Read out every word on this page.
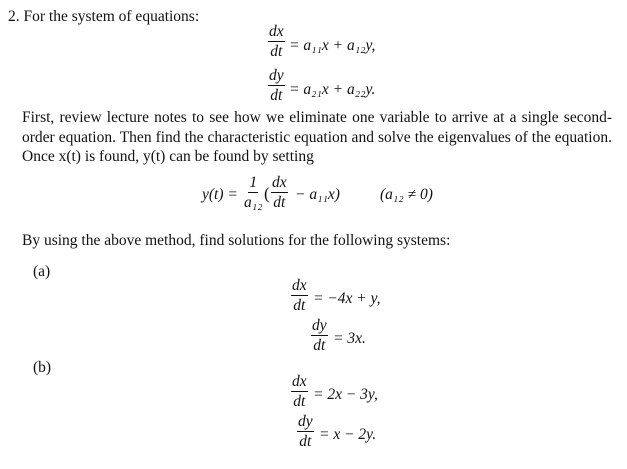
2. For the system of equations:
$\frac{dx}{dt} = a_{11}x + a_{12}y$,
$\frac{dy}{dt} = a_{21}x + a_{22}y$.
First, review lecture notes to see how we eliminate one variable to arrive at a single second-order equation. Then find the characteristic equation and solve the eigenvalues of the equation. Once x(t) is found, y(t) can be found by setting
$y(t) = \frac{1}{\text{a₁₂}}$ ( $\frac{dx}{dt} - a_{11}x$)	(a₁₂ ≠ 0)
By using the above method, find solutions for the following systems:
(a)
$\frac{dx}{dt} = -4x + y$,
$\frac{dy}{dt} = 3x$.
(b)
$\frac{dx}{dt} = 2x - 3y$,
$\frac{dy}{dt} = x - 2y$.
